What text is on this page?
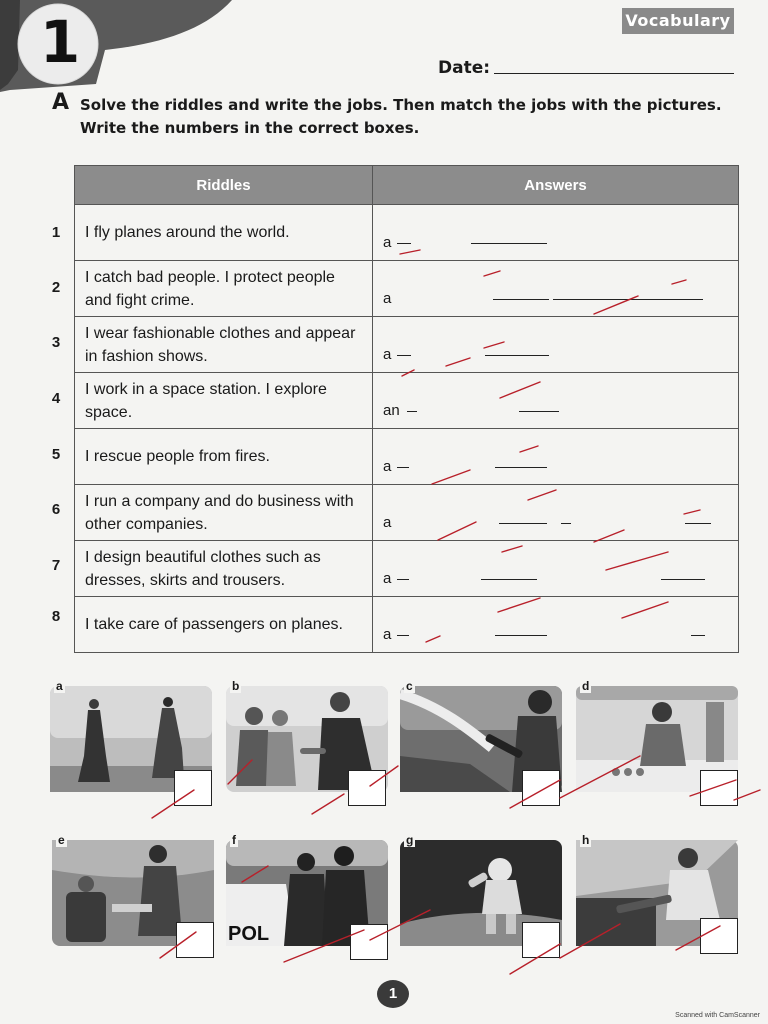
1	Vocabulary
Date:
A Solve the riddles and write the jobs. Then match the jobs with the pictures. Write the numbers in the correct boxes.
1
2
3
4
5
6
7
8
Riddles	Answers
I fly planes around the world.	a

I catch bad people. I protect people and fight crime.	a

I wear fashionable clothes and appear in fashion shows.	a

I work in a space station. I explore space.	an

I rescue people from fires.	a

I run a company and do business with other companies.	a

I design beautiful clothes such as dresses, skirts and trousers.	a

I take care of passengers on planes.	a
a	b	c	d
e
POL
f	g	h
1
Scanned with CamScanner
